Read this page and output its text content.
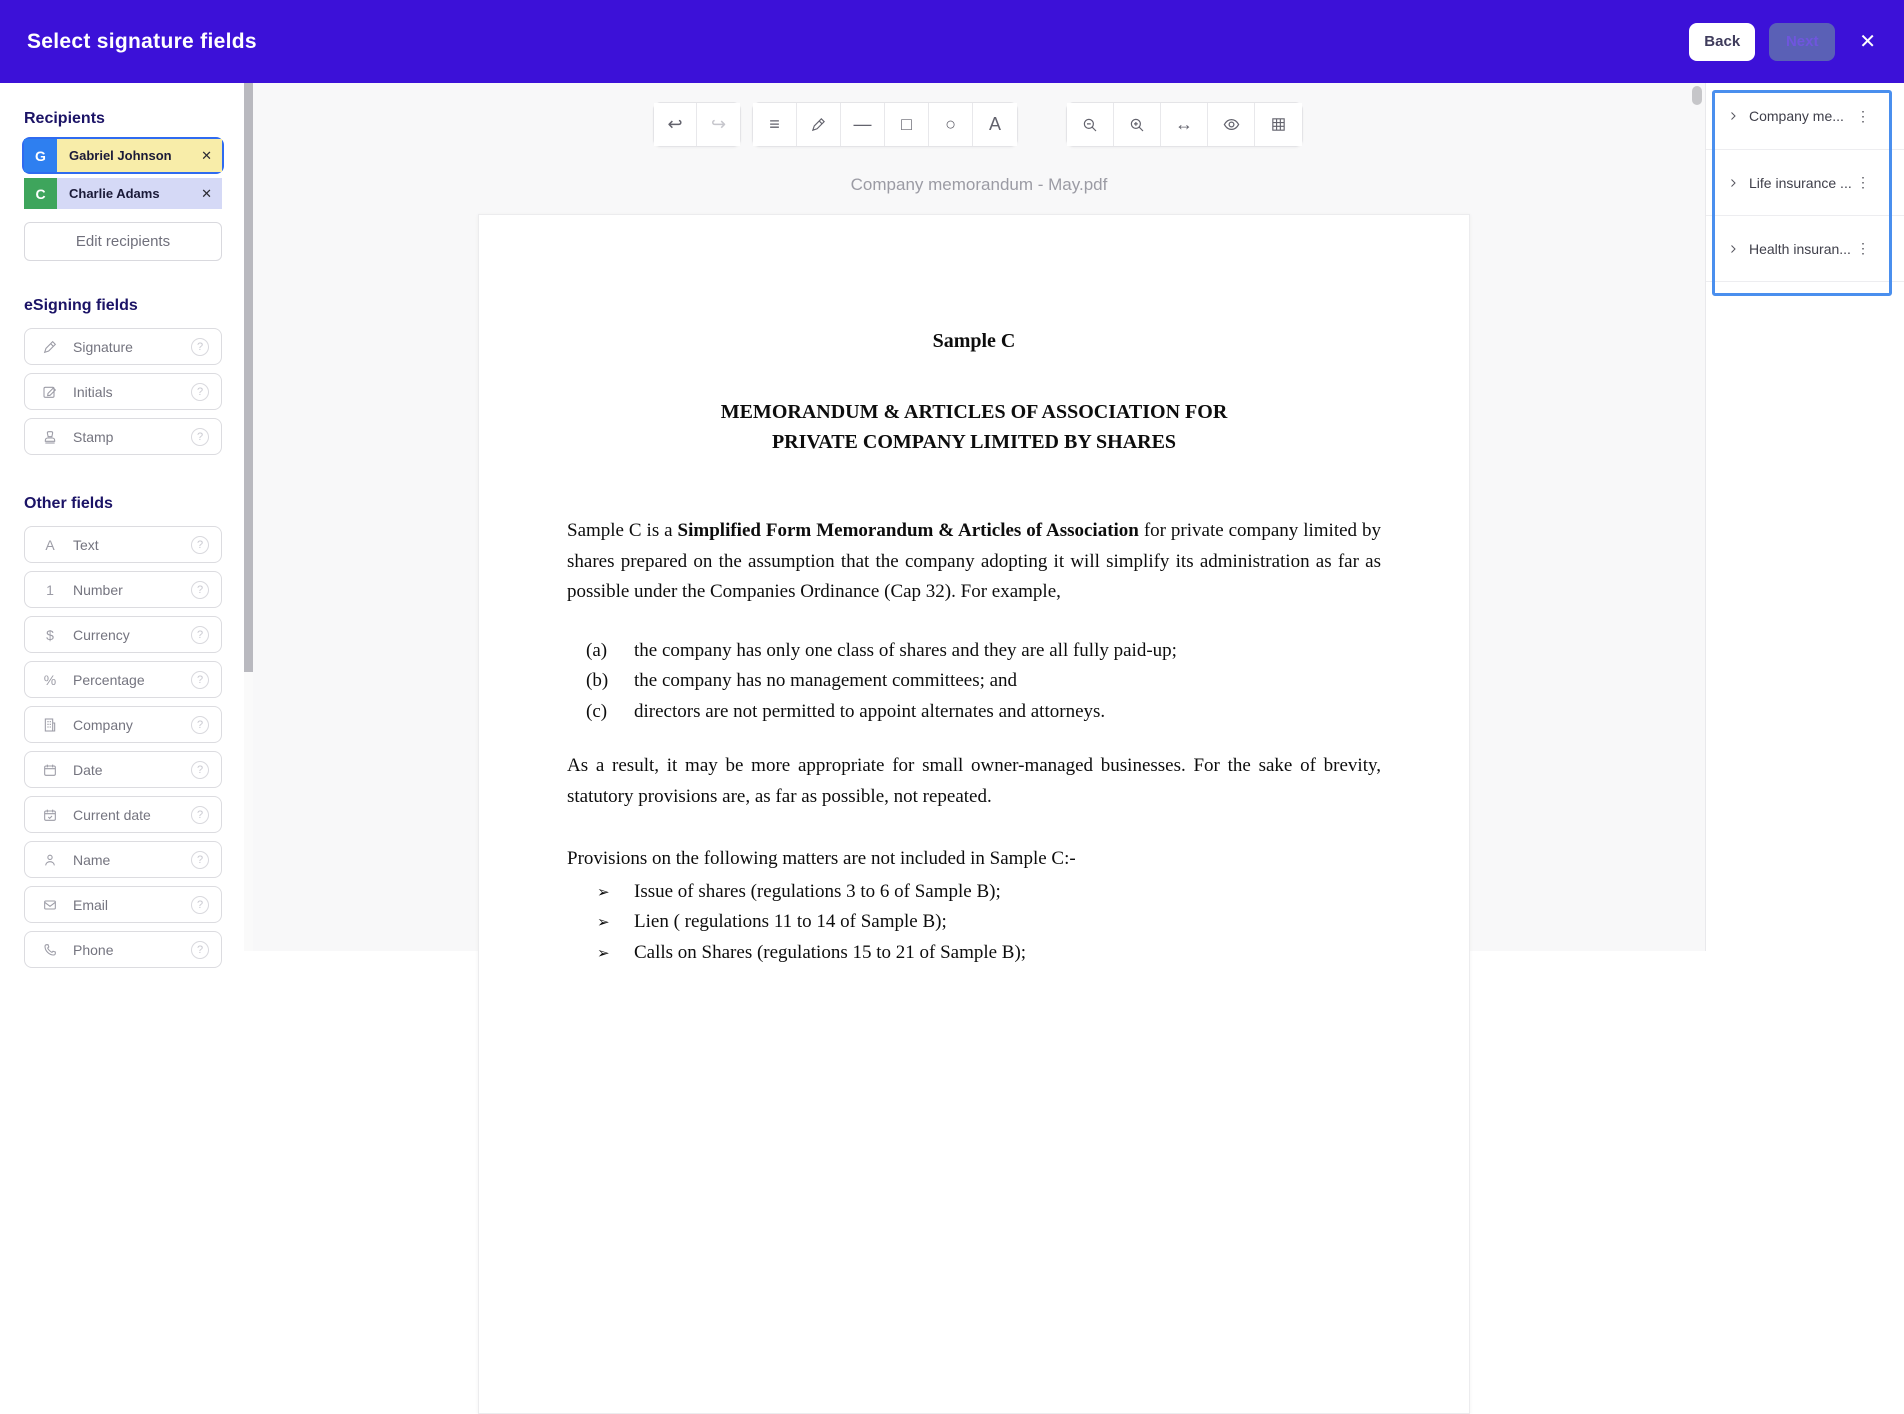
Select signature fields	Back	Next	✕
Recipients
G	Gabriel Johnson	✕
C	Charlie Adams	✕
Edit recipients
eSigning fields
Signature	?
Initials	?
Stamp	?
Other fields
A	Text	?
1	Number	?
$	Currency	?
% Percentage	?
Company	?
Date	?
Current date	?
Name	?
Email	?
Phone	?
↩	↪	≡	—	□	○	A	↔
Company memorandum - May.pdf
Sample C
MEMORANDUM & ARTICLES OF ASSOCIATION FOR
PRIVATE COMPANY LIMITED BY SHARES
Sample C is a Simplified Form Memorandum & Articles of Association for private company limited by shares prepared on the assumption that the company adopting it will simplify its administration as far as possible under the Companies Ordinance (Cap 32). For example,
(a)	the company has only one class of shares and they are all fully paid-up;
(b)	the company has no management committees; and
(c)	directors are not permitted to appoint alternates and attorneys.
As a result, it may be more appropriate for small owner-managed businesses. For the sake of brevity, statutory provisions are, as far as possible, not repeated.
Provisions on the following matters are not included in Sample C:-
➢	Issue of shares (regulations 3 to 6 of Sample B);
➢	Lien ( regulations 11 to 14 of Sample B);
➢	Calls on Shares (regulations 15 to 21 of Sample B);
Company me... ⋮
Life insurance ... ⋮
Health insuran... ⋮
